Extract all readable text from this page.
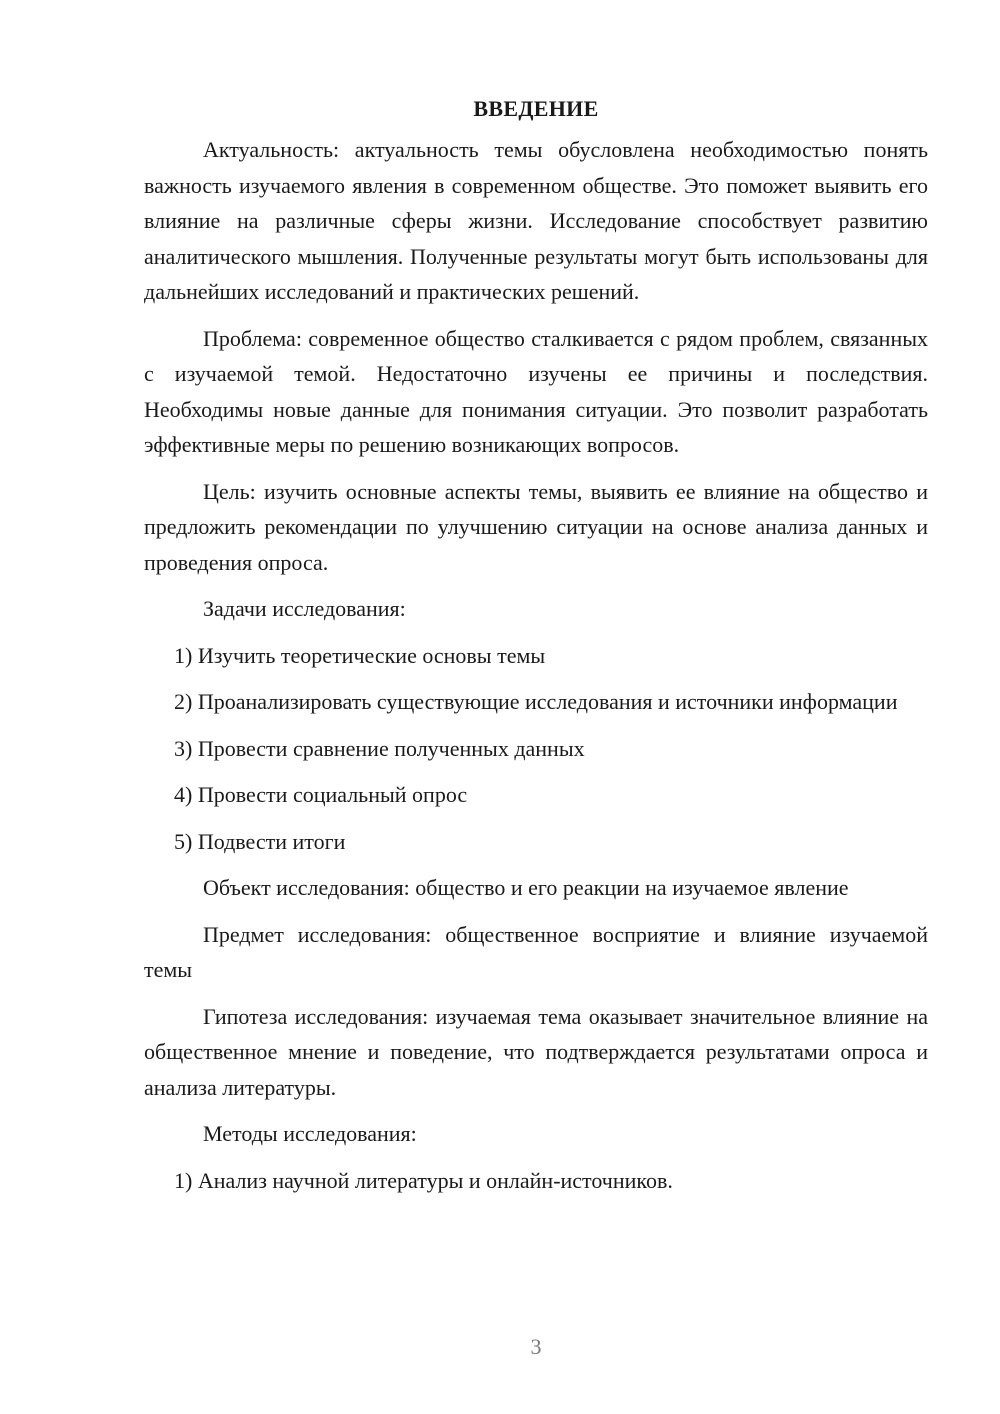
ВВЕДЕНИЕ

Актуальность: актуальность темы обусловлена необходимостью понять важность изучаемого явления в современном обществе. Это поможет выявить его влияние на различные сферы жизни. Исследование способствует развитию аналитического мышления. Полученные результаты могут быть использованы для дальнейших исследований и практических решений.

Проблема: современное общество сталкивается с рядом проблем, связанных с изучаемой темой. Недостаточно изучены ее причины и последствия. Необходимы новые данные для понимания ситуации. Это позволит разработать эффективные меры по решению возникающих вопросов.

Цель: изучить основные аспекты темы, выявить ее влияние на общество и предложить рекомендации по улучшению ситуации на основе анализа данных и проведения опроса.

Задачи исследования:

1) Изучить теоретические основы темы

2) Проанализировать существующие исследования и источники информации

3) Провести сравнение полученных данных

4) Провести социальный опрос

5) Подвести итоги

Объект исследования: общество и его реакции на изучаемое явление

Предмет исследования: общественное восприятие и влияние изучаемой темы

Гипотеза исследования: изучаемая тема оказывает значительное влияние на общественное мнение и поведение, что подтверждается результатами опроса и анализа литературы.

Методы исследования:

1) Анализ научной литературы и онлайн-источников.

3
